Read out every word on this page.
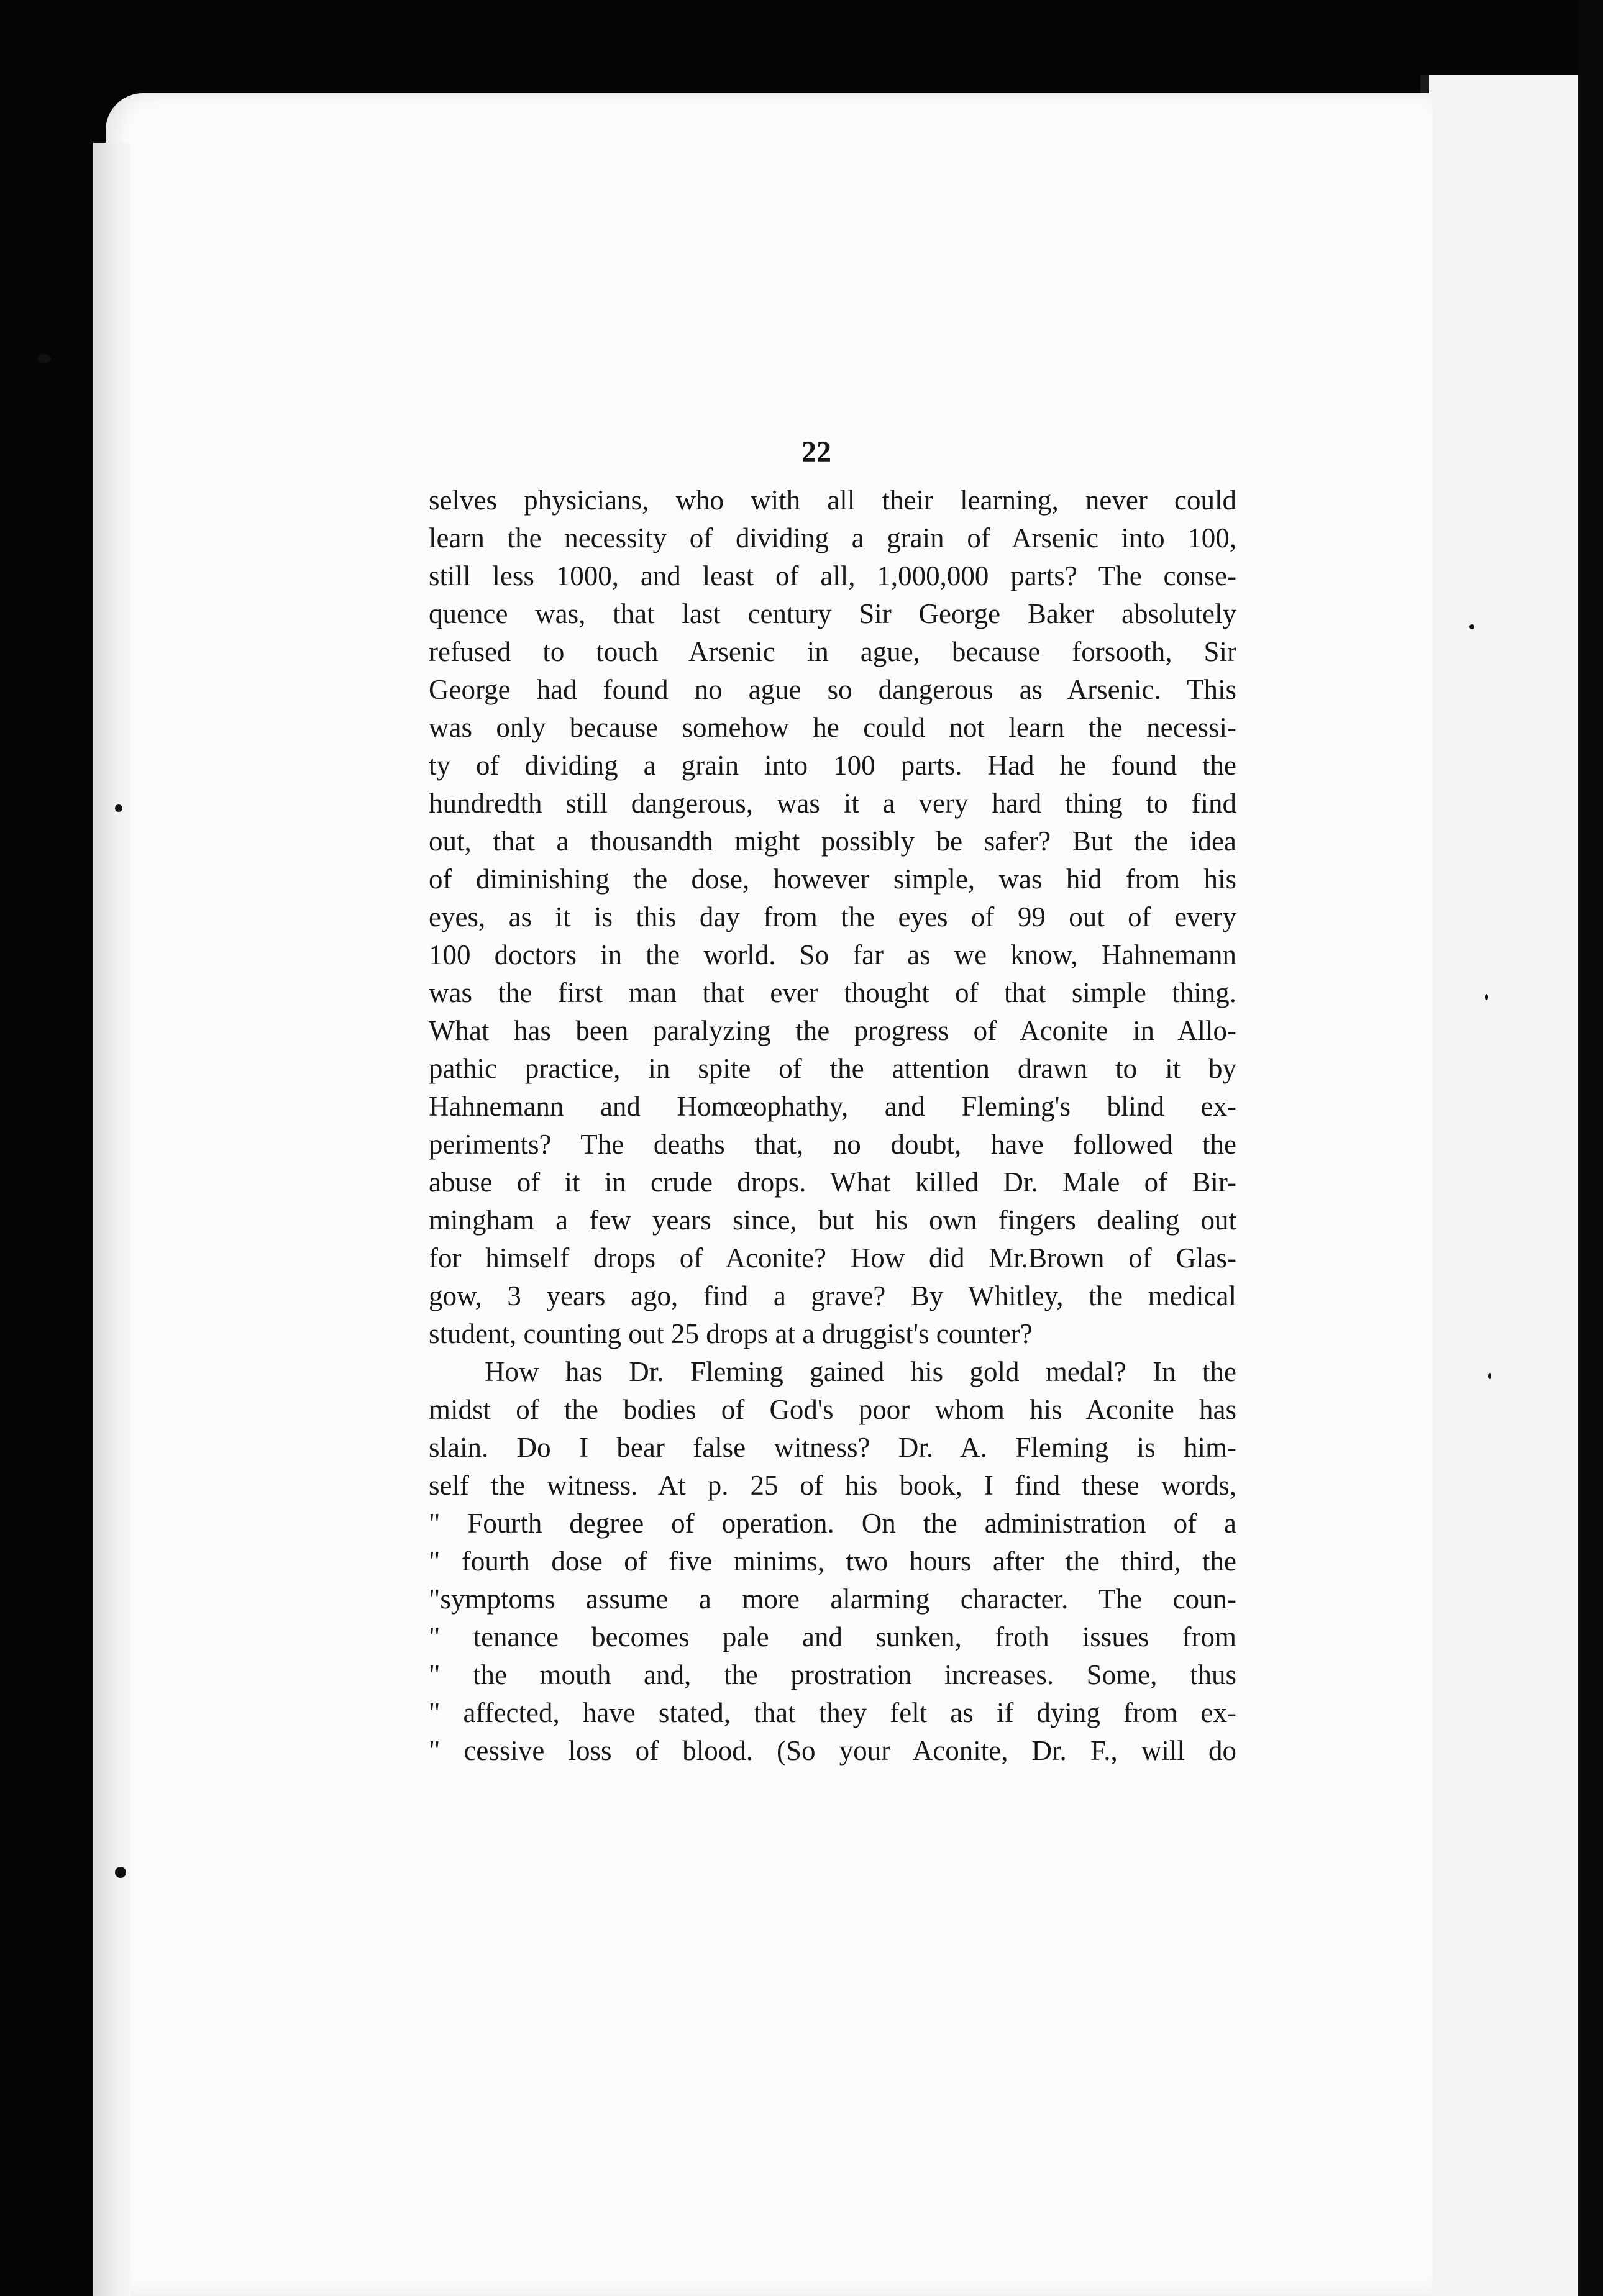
22
selves physicians, who with all their learning, never could
learn the necessity of dividing a grain of Arsenic into 100,
still less 1000, and least of all, 1,000,000 parts? The conse-
quence was, that last century Sir George Baker absolutely
refused to touch Arsenic in ague, because forsooth, Sir
George had found no ague so dangerous as Arsenic. This
was only because somehow he could not learn the necessi-
ty of dividing a grain into 100 parts. Had he found the
hundredth still dangerous, was it a very hard thing to find
out, that a thousandth might possibly be safer? But the idea
of diminishing the dose, however simple, was hid from his
eyes, as it is this day from the eyes of 99 out of every
100 doctors in the world. So far as we know, Hahnemann
was the first man that ever thought of that simple thing.
What has been paralyzing the progress of Aconite in Allo-
pathic practice, in spite of the attention drawn to it by
Hahnemann and Homœophathy, and Fleming's blind ex-
periments? The deaths that, no doubt, have followed the
abuse of it in crude drops. What killed Dr. Male of Bir-
mingham a few years since, but his own fingers dealing out
for himself drops of Aconite? How did Mr.Brown of Glas-
gow, 3 years ago, find a grave? By Whitley, the medical
student, counting out 25 drops at a druggist's counter?
How has Dr. Fleming gained his gold medal? In the
midst of the bodies of God's poor whom his Aconite has
slain. Do I bear false witness? Dr. A. Fleming is him-
self the witness. At p. 25 of his book, I find these words,
" Fourth degree of operation. On the administration of a
" fourth dose of five minims, two hours after the third, the
"symptoms assume a more alarming character. The coun-
" tenance becomes pale and sunken, froth issues from
" the mouth and, the prostration increases. Some, thus
" affected, have stated, that they felt as if dying from ex-
" cessive loss of blood. (So your Aconite, Dr. F., will do
